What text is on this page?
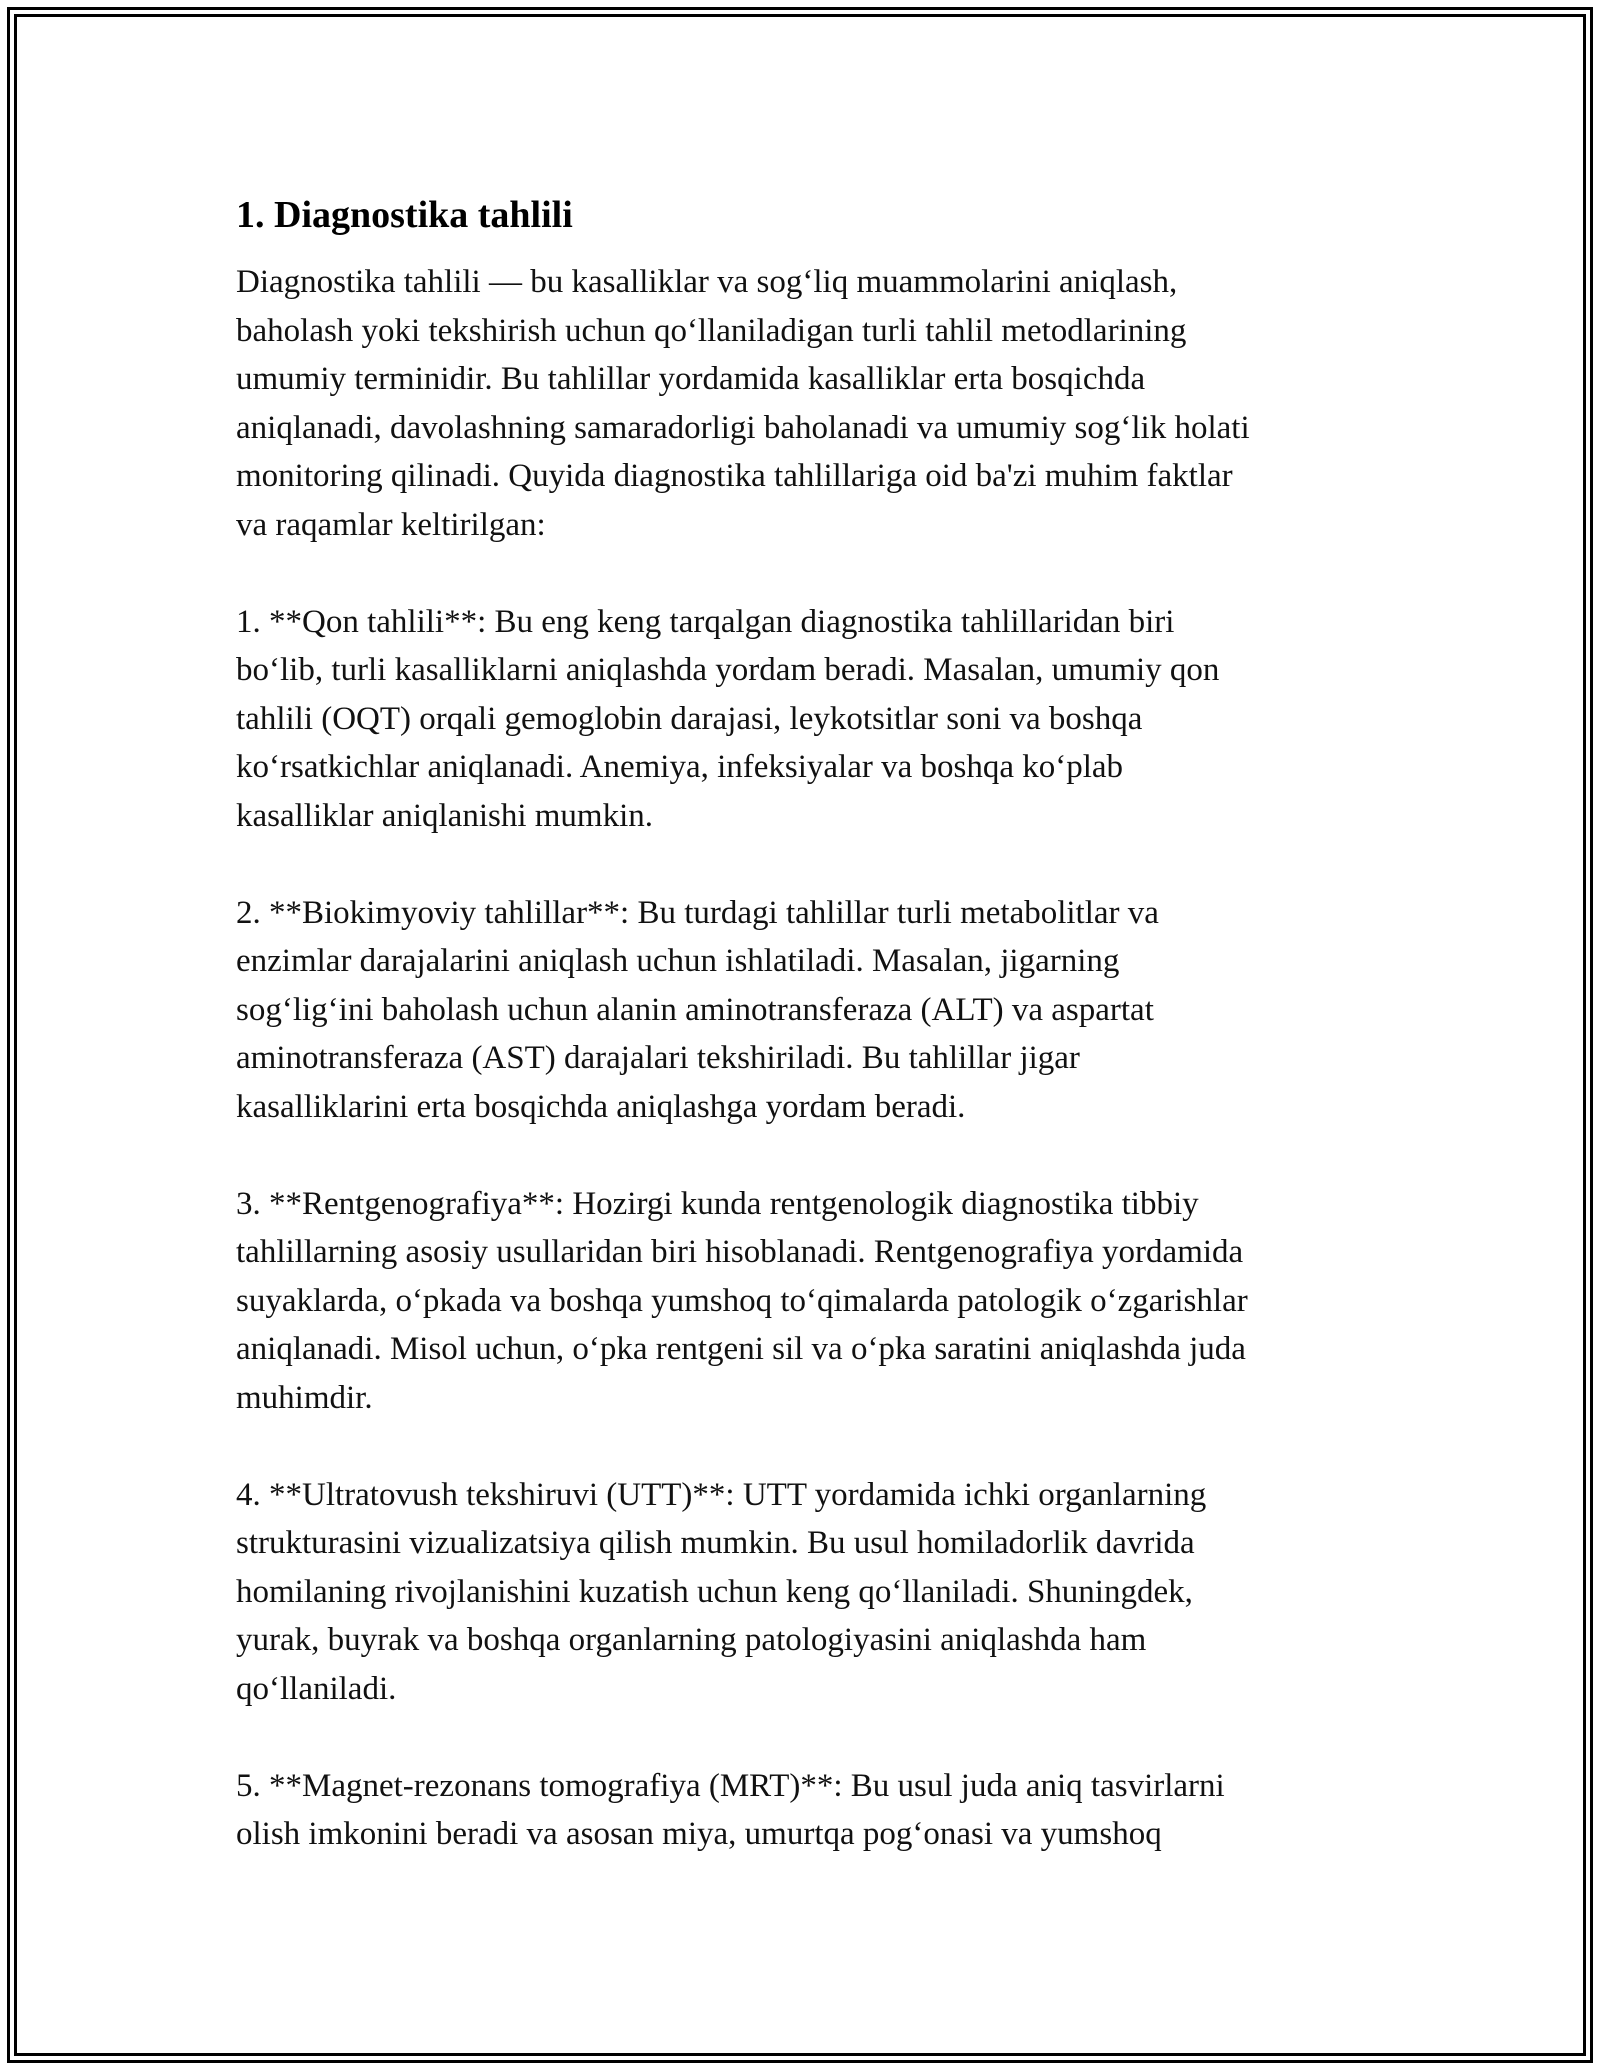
1. Diagnostika tahlili

Diagnostika tahlili — bu kasalliklar va sog‘liq muammolarini aniqlash,
baholash yoki tekshirish uchun qo‘llaniladigan turli tahlil metodlarining
umumiy terminidir. Bu tahlillar yordamida kasalliklar erta bosqichda
aniqlanadi, davolashning samaradorligi baholanadi va umumiy sog‘lik holati
monitoring qilinadi. Quyida diagnostika tahlillariga oid ba'zi muhim faktlar
va raqamlar keltirilgan:

1. **Qon tahlili**: Bu eng keng tarqalgan diagnostika tahlillaridan biri
bo‘lib, turli kasalliklarni aniqlashda yordam beradi. Masalan, umumiy qon
tahlili (OQT) orqali gemoglobin darajasi, leykotsitlar soni va boshqa
ko‘rsatkichlar aniqlanadi. Anemiya, infeksiyalar va boshqa ko‘plab
kasalliklar aniqlanishi mumkin.

2. **Biokimyoviy tahlillar**: Bu turdagi tahlillar turli metabolitlar va
enzimlar darajalarini aniqlash uchun ishlatiladi. Masalan, jigarning
sog‘lig‘ini baholash uchun alanin aminotransferaza (ALT) va aspartat
aminotransferaza (AST) darajalari tekshiriladi. Bu tahlillar jigar
kasalliklarini erta bosqichda aniqlashga yordam beradi.

3. **Rentgenografiya**: Hozirgi kunda rentgenologik diagnostika tibbiy
tahlillarning asosiy usullaridan biri hisoblanadi. Rentgenografiya yordamida
suyaklarda, o‘pkada va boshqa yumshoq to‘qimalarda patologik o‘zgarishlar
aniqlanadi. Misol uchun, o‘pka rentgeni sil va o‘pka saratini aniqlashda juda
muhimdir.

4. **Ultratovush tekshiruvi (UTT)**: UTT yordamida ichki organlarning
strukturasini vizualizatsiya qilish mumkin. Bu usul homiladorlik davrida
homilaning rivojlanishini kuzatish uchun keng qo‘llaniladi. Shuningdek,
yurak, buyrak va boshqa organlarning patologiyasini aniqlashda ham
qo‘llaniladi.

5. **Magnet-rezonans tomografiya (MRT)**: Bu usul juda aniq tasvirlarni
olish imkonini beradi va asosan miya, umurtqa pog‘onasi va yumshoq
